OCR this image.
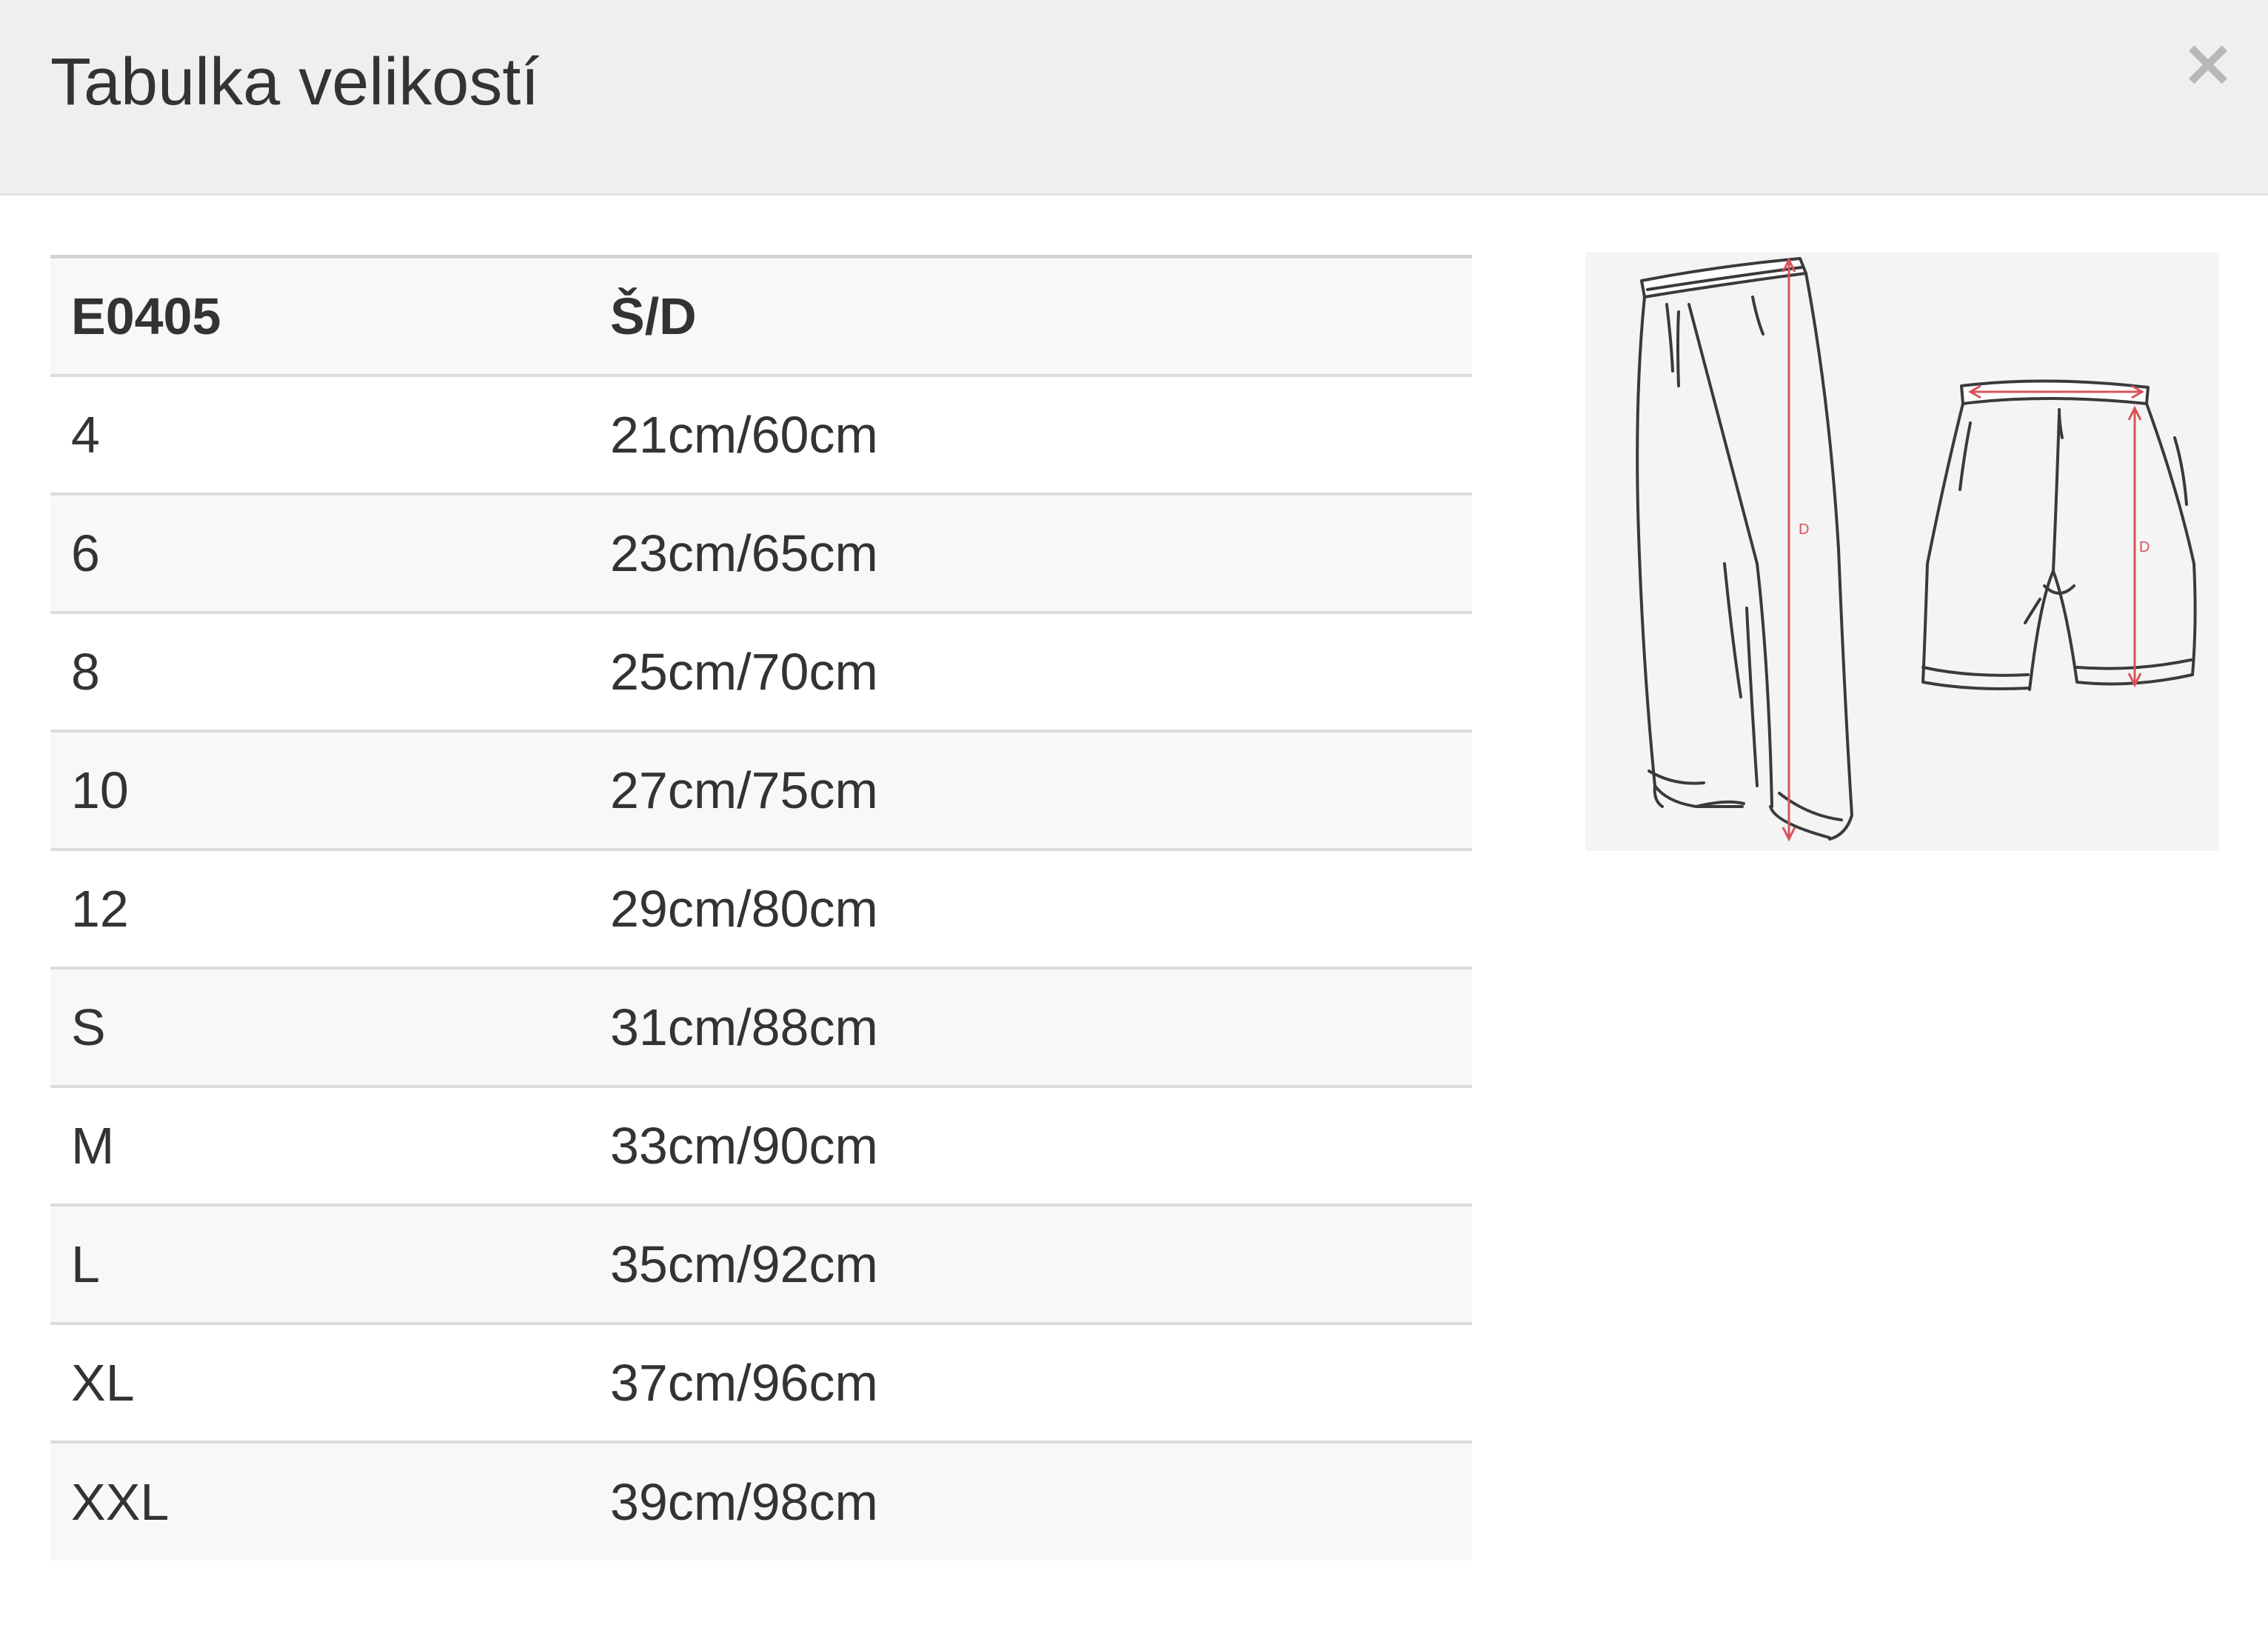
Tabulka velikostí	×
E0405	Š/D
4	21cm/60cm
6	23cm/65cm
8	25cm/70cm
10	27cm/75cm
12	29cm/80cm
S	31cm/88cm
M	33cm/90cm
L	35cm/92cm
XL	37cm/96cm
XXL	39cm/98cm
D
D
